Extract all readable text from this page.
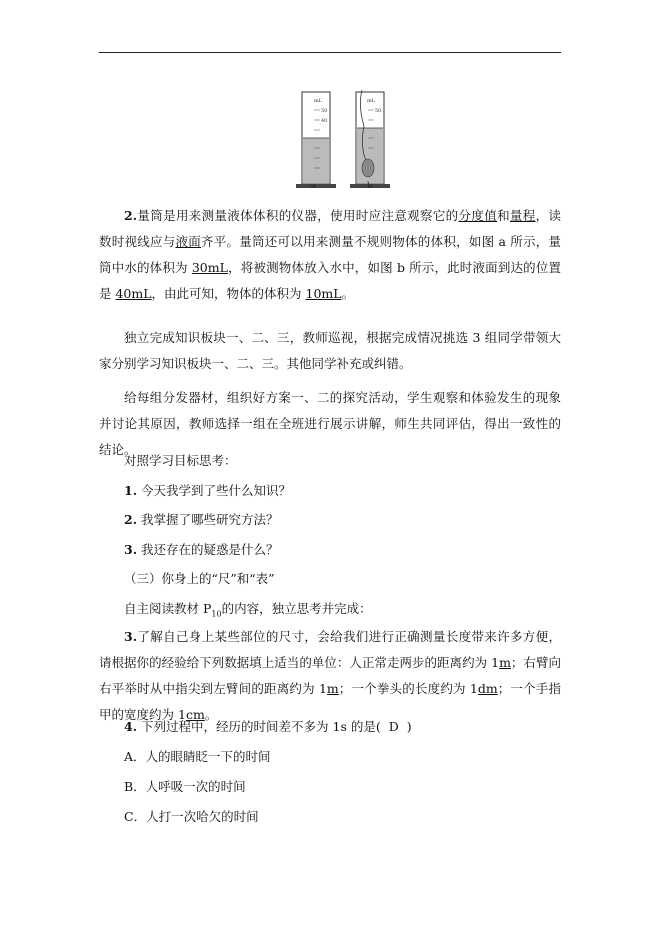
mL
50
40
mL
50
a	b
2.量筒是用来测量液体体积的仪器，使用时应注意观察它的分度值和量程，读数时视线应与液面齐平。量筒还可以用来测量不规则物体的体积，如图 a 所示，量筒中水的体积为 30mL，将被测物体放入水中，如图 b 所示，此时液面到达的位置是 40mL，由此可知，物体的体积为 10mL。
独立完成知识板块一、二、三，教师巡视，根据完成情况挑选 3 组同学带领大家分别学习知识板块一、二、三。其他同学补充或纠错。
给每组分发器材，组织好方案一、二的探究活动，学生观察和体验发生的现象并讨论其原因，教师选择一组在全班进行展示讲解，师生共同评估，得出一致性的结论。
对照学习目标思考：
1. 今天我学到了些什么知识？
2. 我掌握了哪些研究方法？
3. 我还存在的疑惑是什么？
（三）你身上的“尺”和“表”
自主阅读教材 $P_{10}$的内容，独立思考并完成：
3.了解自己身上某些部位的尺寸，会给我们进行正确测量长度带来许多方便，请根据你的经验给下列数据填上适当的单位：人正常走两步的距离约为 1m；右臂向右平举时从中指尖到左臂间的距离约为 1m；一个拳头的长度约为 1dm；一个手指甲的宽度约为 1cm。
4. 下列过程中，经历的时间差不多为 1s 的是( D )
A．人的眼睛眨一下的时间
B．人呼吸一次的时间
C．人打一次哈欠的时间
